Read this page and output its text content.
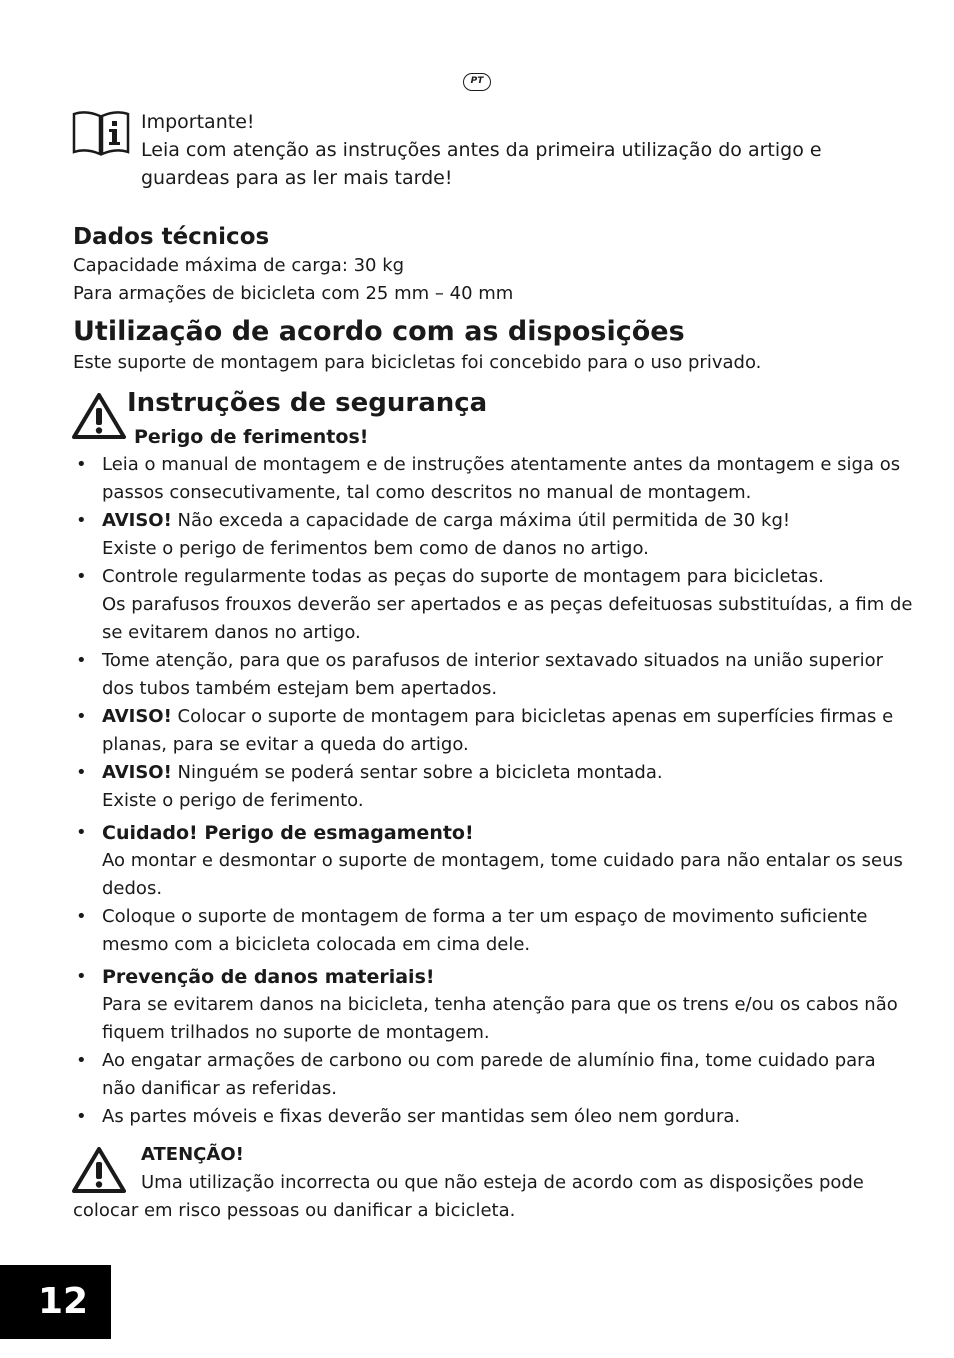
PT

Importante!

Leia com atenção as instruções antes da primeira utilização do artigo e guardeas para as ler mais tarde!

Dados técnicos

Capacidade máxima de carga: 30 kg

Para armações de bicicleta com 25 mm – 40 mm

Utilização de acordo com as disposições

Este suporte de montagem para bicicletas foi concebido para o uso privado.

Instruções de segurança

Perigo de ferimentos!

• Leia o manual de montagem e de instruções atentamente antes da montagem e siga os passos consecutivamente, tal como descritos no manual de montagem.
• AVISO! Não exceda a capacidade de carga máxima útil permitida de 30 kg!
Existe o perigo de ferimentos bem como de danos no artigo.
• Controle regularmente todas as peças do suporte de montagem para bicicletas.
Os parafusos frouxos deverão ser apertados e as peças defeituosas substituídas, a fim de se evitarem danos no artigo.
• Tome atenção, para que os parafusos de interior sextavado situados na união superior dos tubos também estejam bem apertados.
• AVISO! Colocar o suporte de montagem para bicicletas apenas em superfícies firmas e planas, para se evitar a queda do artigo.
• AVISO! Ninguém se poderá sentar sobre a bicicleta montada.
Existe o perigo de ferimento.
• Cuidado! Perigo de esmagamento!
Ao montar e desmontar o suporte de montagem, tome cuidado para não entalar os seus dedos.
• Coloque o suporte de montagem de forma a ter um espaço de movimento suficiente mesmo com a bicicleta colocada em cima dele.
• Prevenção de danos materiais!
Para se evitarem danos na bicicleta, tenha atenção para que os trens e/ou os cabos não fiquem trilhados no suporte de montagem.
• Ao engatar armações de carbono ou com parede de alumínio fina, tome cuidado para não danificar as referidas.
• As partes móveis e fixas deverão ser mantidas sem óleo nem gordura.
ATENÇÃO!

Uma utilização incorrecta ou que não esteja de acordo com as disposições pode colocar em risco pessoas ou danificar a bicicleta.

12
